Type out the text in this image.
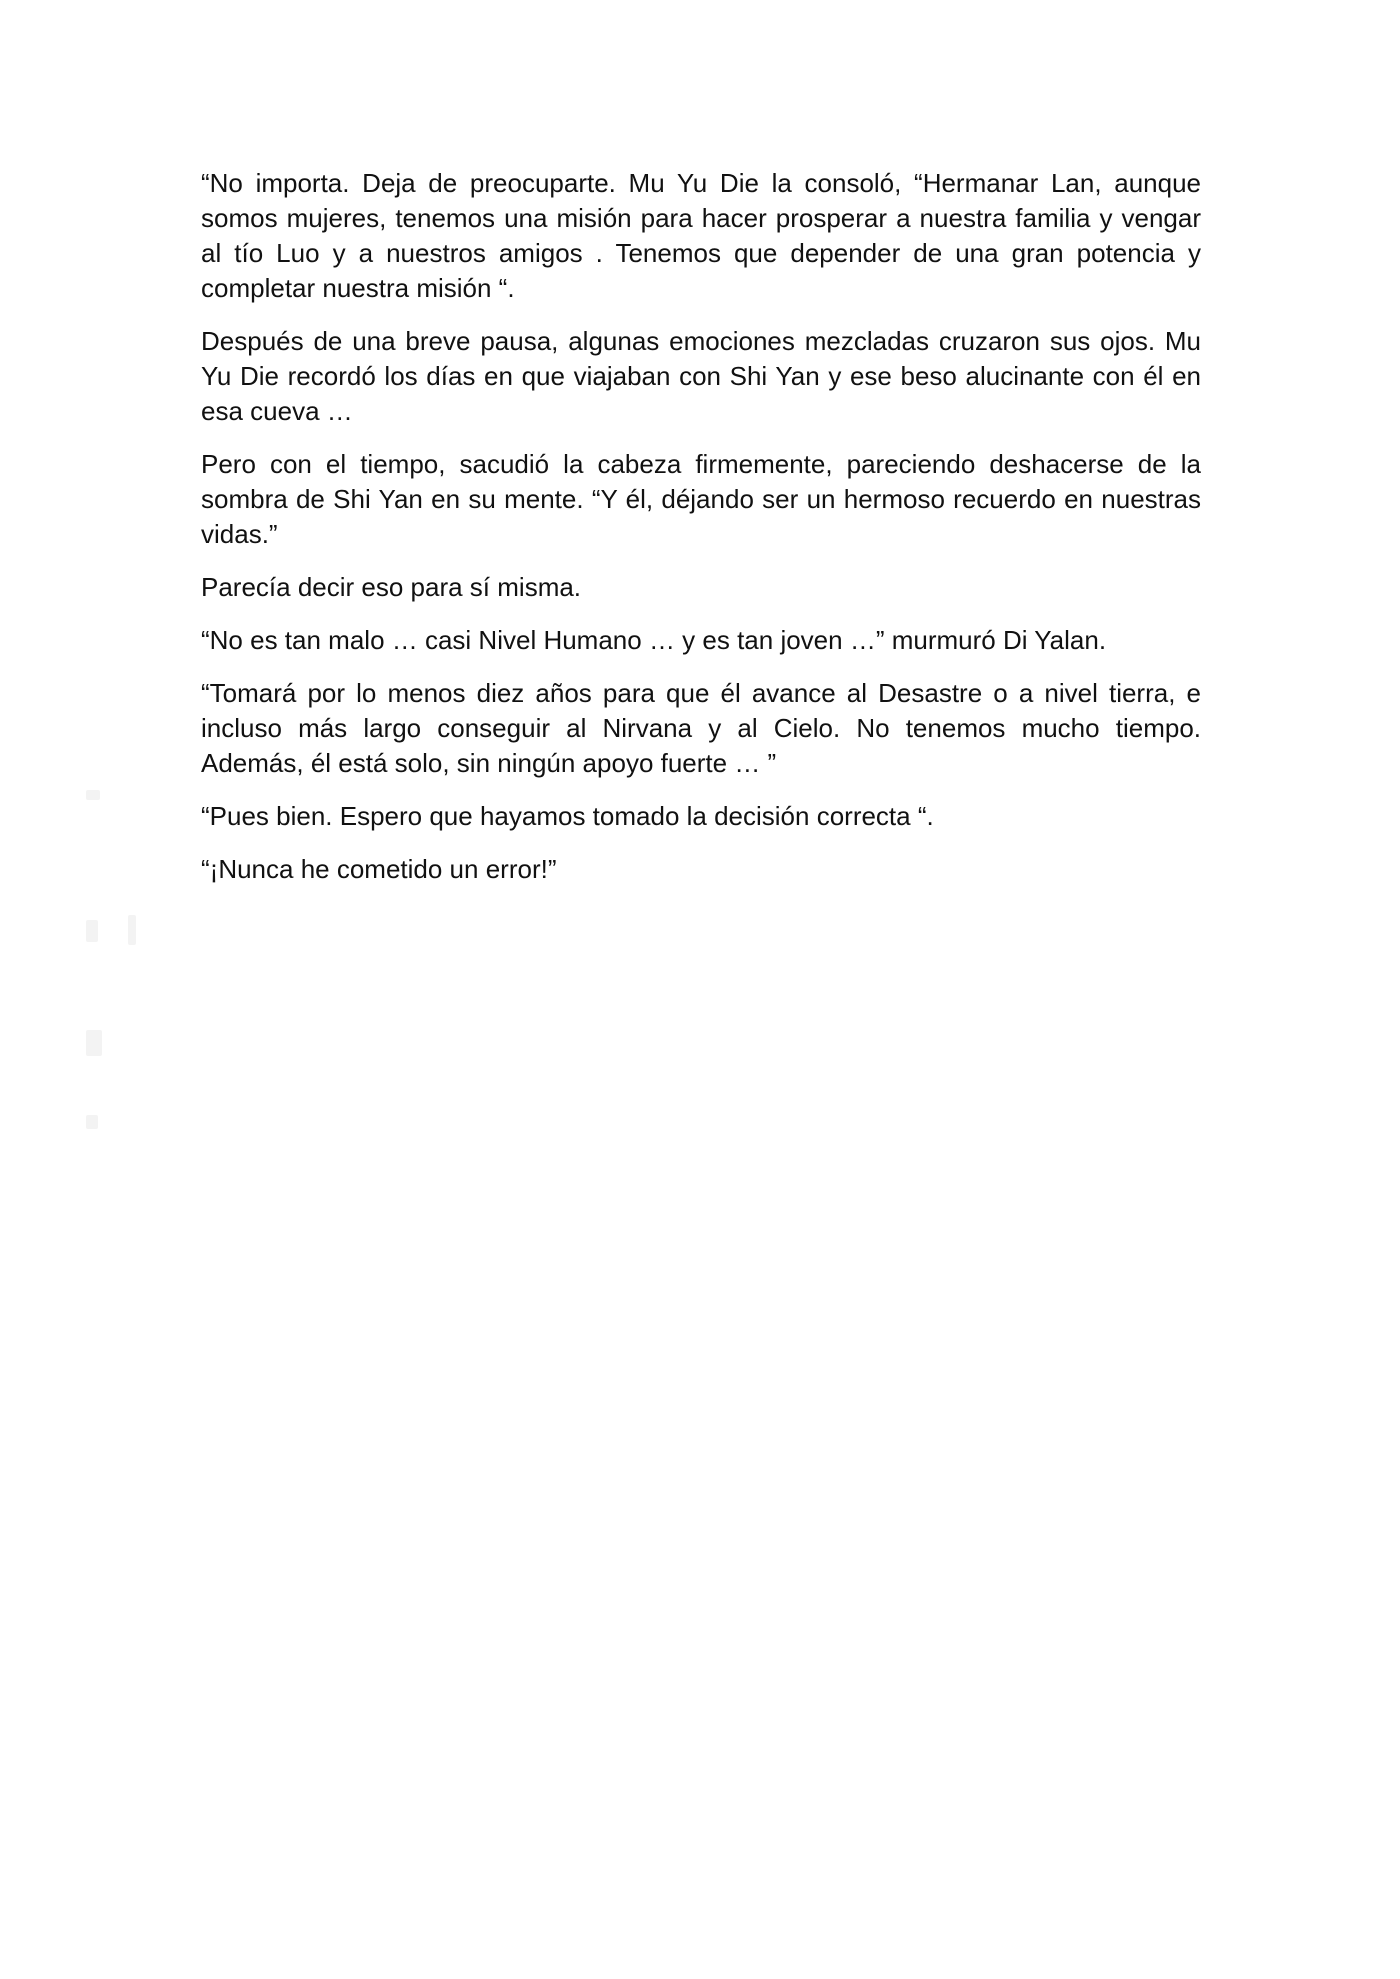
“No importa. Deja de preocuparte. Mu Yu Die la consoló, “Hermanar Lan, aunque somos mujeres, tenemos una misión para hacer prosperar a nuestra familia y vengar al tío Luo y a nuestros amigos . Tenemos que depender de una gran potencia y completar nuestra misión “.

Después de una breve pausa, algunas emociones mezcladas cruzaron sus ojos. Mu Yu Die recordó los días en que viajaban con Shi Yan y ese beso alucinante con él en esa cueva …

Pero con el tiempo, sacudió la cabeza firmemente, pareciendo deshacerse de la sombra de Shi Yan en su mente. “Y él, déjando ser un hermoso recuerdo en nuestras vidas.”

Parecía decir eso para sí misma.

“No es tan malo … casi Nivel Humano … y es tan joven …” murmuró Di Yalan.

“Tomará por lo menos diez años para que él avance al Desastre o a nivel tierra, e incluso más largo conseguir al Nirvana y al Cielo. No tenemos mucho tiempo. Además, él está solo, sin ningún apoyo fuerte … ”

“Pues bien. Espero que hayamos tomado la decisión correcta “.

“¡Nunca he cometido un error!”
